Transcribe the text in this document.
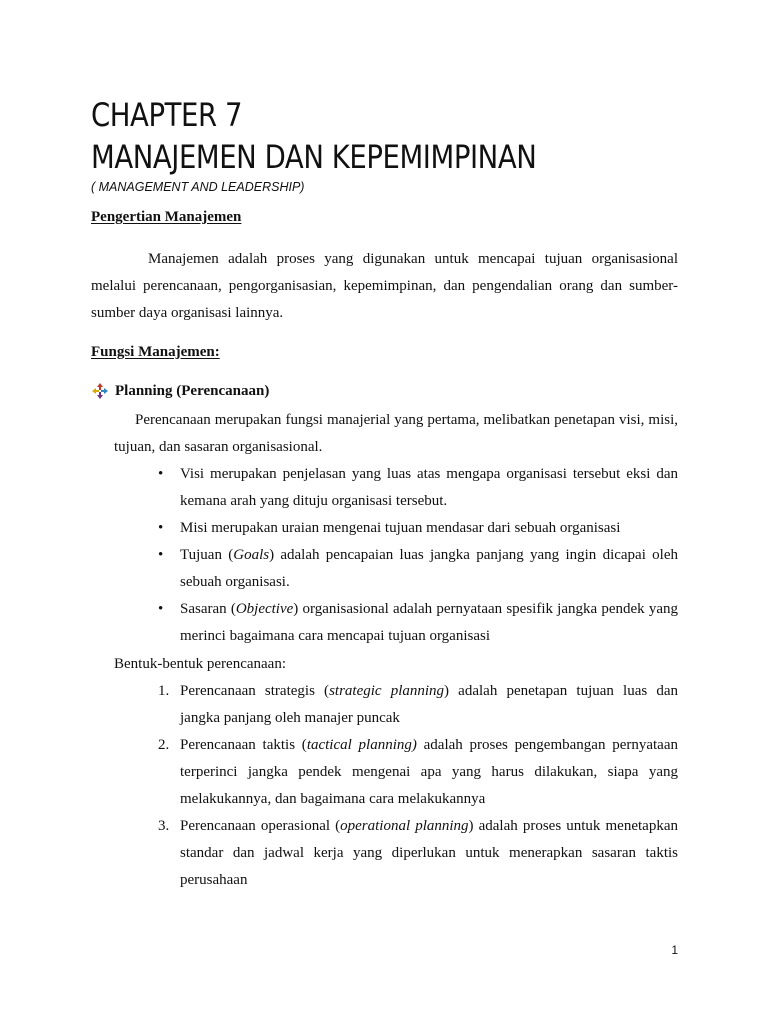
CHAPTER 7
MANAJEMEN DAN KEPEMIMPINAN

( MANAGEMENT AND LEADERSHIP)

Pengertian Manajemen

Manajemen adalah proses yang digunakan untuk mencapai tujuan organisasional melalui perencanaan, pengorganisasian, kepemimpinan, dan pengendalian orang dan sumber-sumber daya organisasi lainnya.

Fungsi Manajemen:
Planning (Perencanaan)

Perencanaan merupakan fungsi manajerial yang pertama, melibatkan penetapan visi, misi, tujuan, dan sasaran organisasional.

• Visi merupakan penjelasan yang luas atas mengapa organisasi tersebut eksi dan kemana arah yang dituju organisasi tersebut.
• Misi merupakan uraian mengenai tujuan mendasar dari sebuah organisasi
• Tujuan (Goals) adalah pencapaian luas jangka panjang yang ingin dicapai oleh sebuah organisasi.
• Sasaran (Objective) organisasional adalah pernyataan spesifik jangka pendek yang merinci bagaimana cara mencapai tujuan organisasi

Bentuk-bentuk perencanaan:

1. Perencanaan strategis (strategic planning) adalah penetapan tujuan luas dan jangka panjang oleh manajer puncak
2. Perencanaan taktis (tactical planning) adalah proses pengembangan pernyataan terperinci jangka pendek mengenai apa yang harus dilakukan, siapa yang melakukannya, dan bagaimana cara melakukannya
3. Perencanaan operasional (operational planning) adalah proses untuk menetapkan standar dan jadwal kerja yang diperlukan untuk menerapkan sasaran taktis perusahaan
1
